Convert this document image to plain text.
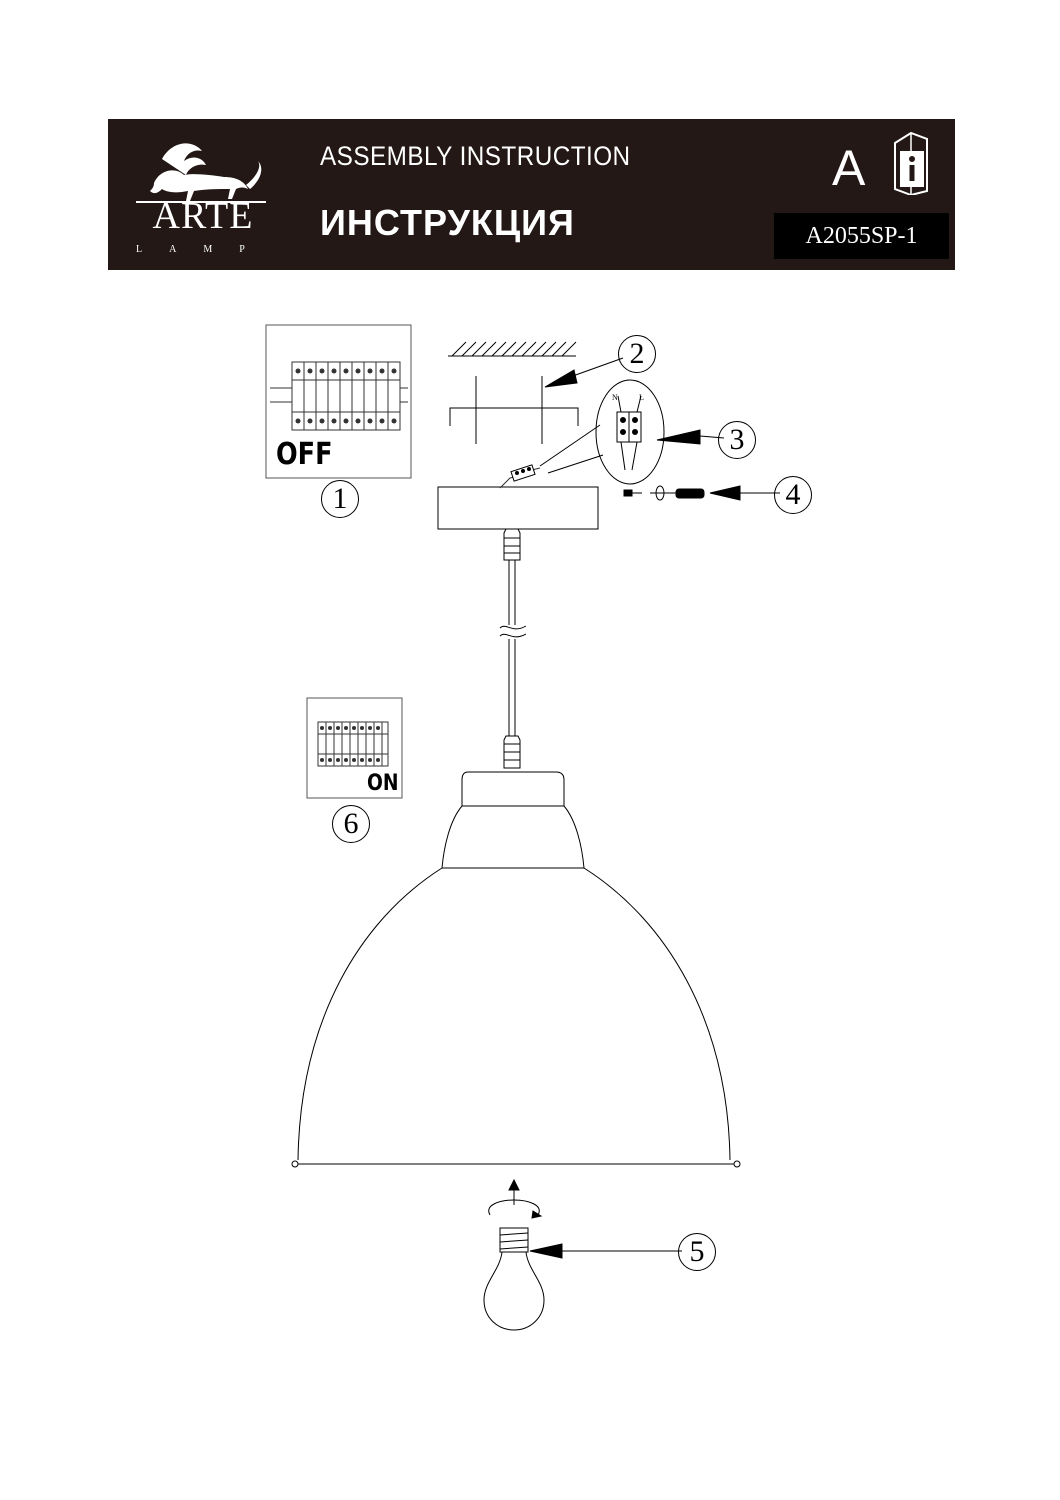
ARTE
LAMP
ASSEMBLY INSTRUCTION
ИНСТРУКЦИЯ
A
A2055SP-1
OFF
ON
N	L
1
2
3
4
5
6
